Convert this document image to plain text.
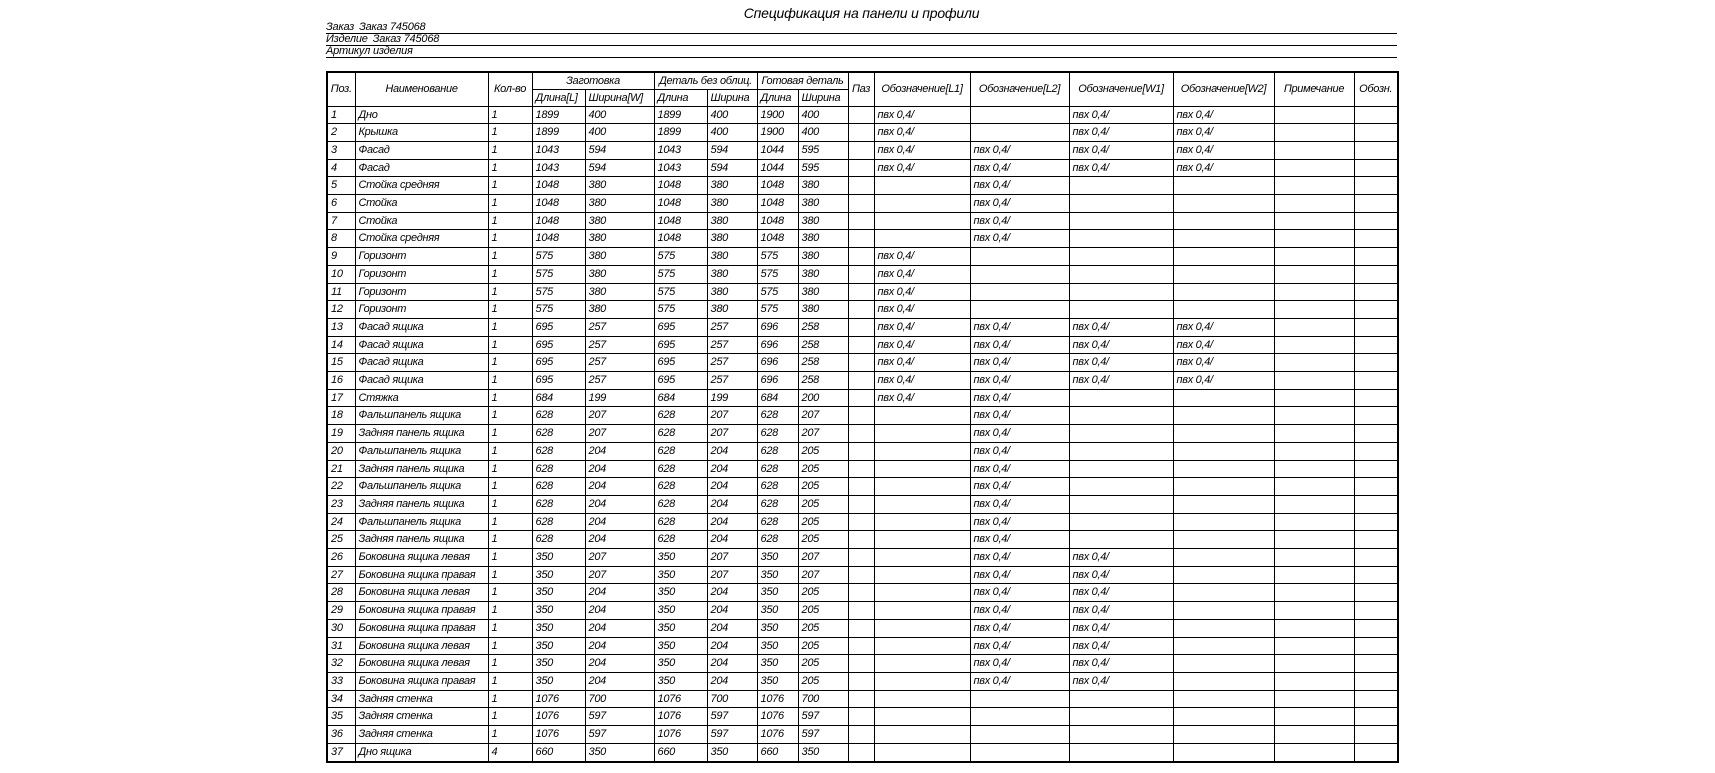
Спецификация на панели и профили
Заказ Заказ 745068
Изделие Заказ 745068
Артикул изделия
Поз.	Наименование	Кол-во	Заготовка		Деталь без облиц.		Готовая деталь		Паз	Обозначение[L1]	Обозначение[L2]	Обозначение[W1]	Обозначение[W2]	Примечание	Обозн.
			Длина[L]	Ширина[W]	Длина	Ширина	Длина	Ширина							
1	Дно	1	1899	400	1899	400	1900	400		пвх 0,4/		пвх 0,4/	пвх 0,4/		
2	Крышка	1	1899	400	1899	400	1900	400		пвх 0,4/		пвх 0,4/	пвх 0,4/		
3	Фасад	1	1043	594	1043	594	1044	595		пвх 0,4/	пвх 0,4/	пвх 0,4/	пвх 0,4/		
4	Фасад	1	1043	594	1043	594	1044	595		пвх 0,4/	пвх 0,4/	пвх 0,4/	пвх 0,4/		
5	Стойка средняя	1	1048	380	1048	380	1048	380			пвх 0,4/				
6	Стойка	1	1048	380	1048	380	1048	380			пвх 0,4/				
7	Стойка	1	1048	380	1048	380	1048	380			пвх 0,4/				
8	Стойка средняя	1	1048	380	1048	380	1048	380			пвх 0,4/				
9	Горизонт	1	575	380	575	380	575	380		пвх 0,4/					
10	Горизонт	1	575	380	575	380	575	380		пвх 0,4/					
11	Горизонт	1	575	380	575	380	575	380		пвх 0,4/					
12	Горизонт	1	575	380	575	380	575	380		пвх 0,4/					
13	Фасад ящика	1	695	257	695	257	696	258		пвх 0,4/	пвх 0,4/	пвх 0,4/	пвх 0,4/		
14	Фасад ящика	1	695	257	695	257	696	258		пвх 0,4/	пвх 0,4/	пвх 0,4/	пвх 0,4/		
15	Фасад ящика	1	695	257	695	257	696	258		пвх 0,4/	пвх 0,4/	пвх 0,4/	пвх 0,4/		
16	Фасад ящика	1	695	257	695	257	696	258		пвх 0,4/	пвх 0,4/	пвх 0,4/	пвх 0,4/		
17	Стяжка	1	684	199	684	199	684	200		пвх 0,4/	пвх 0,4/				
18	Фальшпанель ящика	1	628	207	628	207	628	207			пвх 0,4/				
19	Задняя панель ящика	1	628	207	628	207	628	207			пвх 0,4/				
20	Фальшпанель ящика	1	628	204	628	204	628	205			пвх 0,4/				
21	Задняя панель ящика	1	628	204	628	204	628	205			пвх 0,4/				
22	Фальшпанель ящика	1	628	204	628	204	628	205			пвх 0,4/				
23	Задняя панель ящика	1	628	204	628	204	628	205			пвх 0,4/				
24	Фальшпанель ящика	1	628	204	628	204	628	205			пвх 0,4/				
25	Задняя панель ящика	1	628	204	628	204	628	205			пвх 0,4/				
26	Боковина ящика левая	1	350	207	350	207	350	207			пвх 0,4/	пвх 0,4/			
27	Боковина ящика правая	1	350	207	350	207	350	207			пвх 0,4/	пвх 0,4/			
28	Боковина ящика левая	1	350	204	350	204	350	205			пвх 0,4/	пвх 0,4/			
29	Боковина ящика правая	1	350	204	350	204	350	205			пвх 0,4/	пвх 0,4/			
30	Боковина ящика правая	1	350	204	350	204	350	205			пвх 0,4/	пвх 0,4/			
31	Боковина ящика левая	1	350	204	350	204	350	205			пвх 0,4/	пвх 0,4/			
32	Боковина ящика левая	1	350	204	350	204	350	205			пвх 0,4/	пвх 0,4/			
33	Боковина ящика правая	1	350	204	350	204	350	205			пвх 0,4/	пвх 0,4/			
34	Задняя стенка	1	1076	700	1076	700	1076	700							
35	Задняя стенка	1	1076	597	1076	597	1076	597							
36	Задняя стенка	1	1076	597	1076	597	1076	597							
37	Дно ящика	4	660	350	660	350	660	350							
